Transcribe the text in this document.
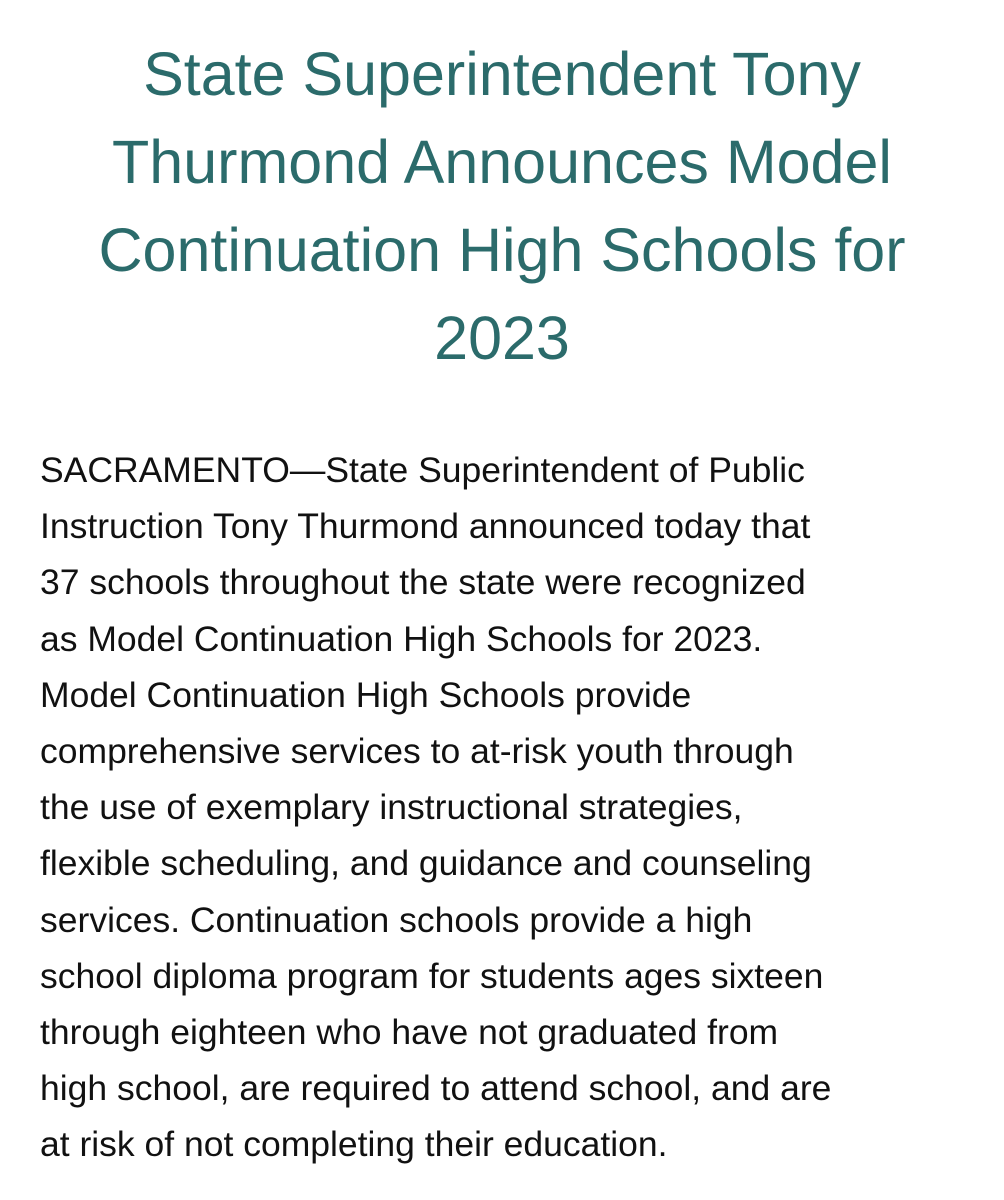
State Superintendent Tony
Thurmond Announces Model
Continuation High Schools for
2023

SACRAMENTO—State Superintendent of Public
Instruction Tony Thurmond announced today that
37 schools throughout the state were recognized
as Model Continuation High Schools for 2023.
Model Continuation High Schools provide
comprehensive services to at-risk youth through
the use of exemplary instructional strategies,
flexible scheduling, and guidance and counseling
services. Continuation schools provide a high
school diploma program for students ages sixteen
through eighteen who have not graduated from
high school, are required to attend school, and are
at risk of not completing their education.
